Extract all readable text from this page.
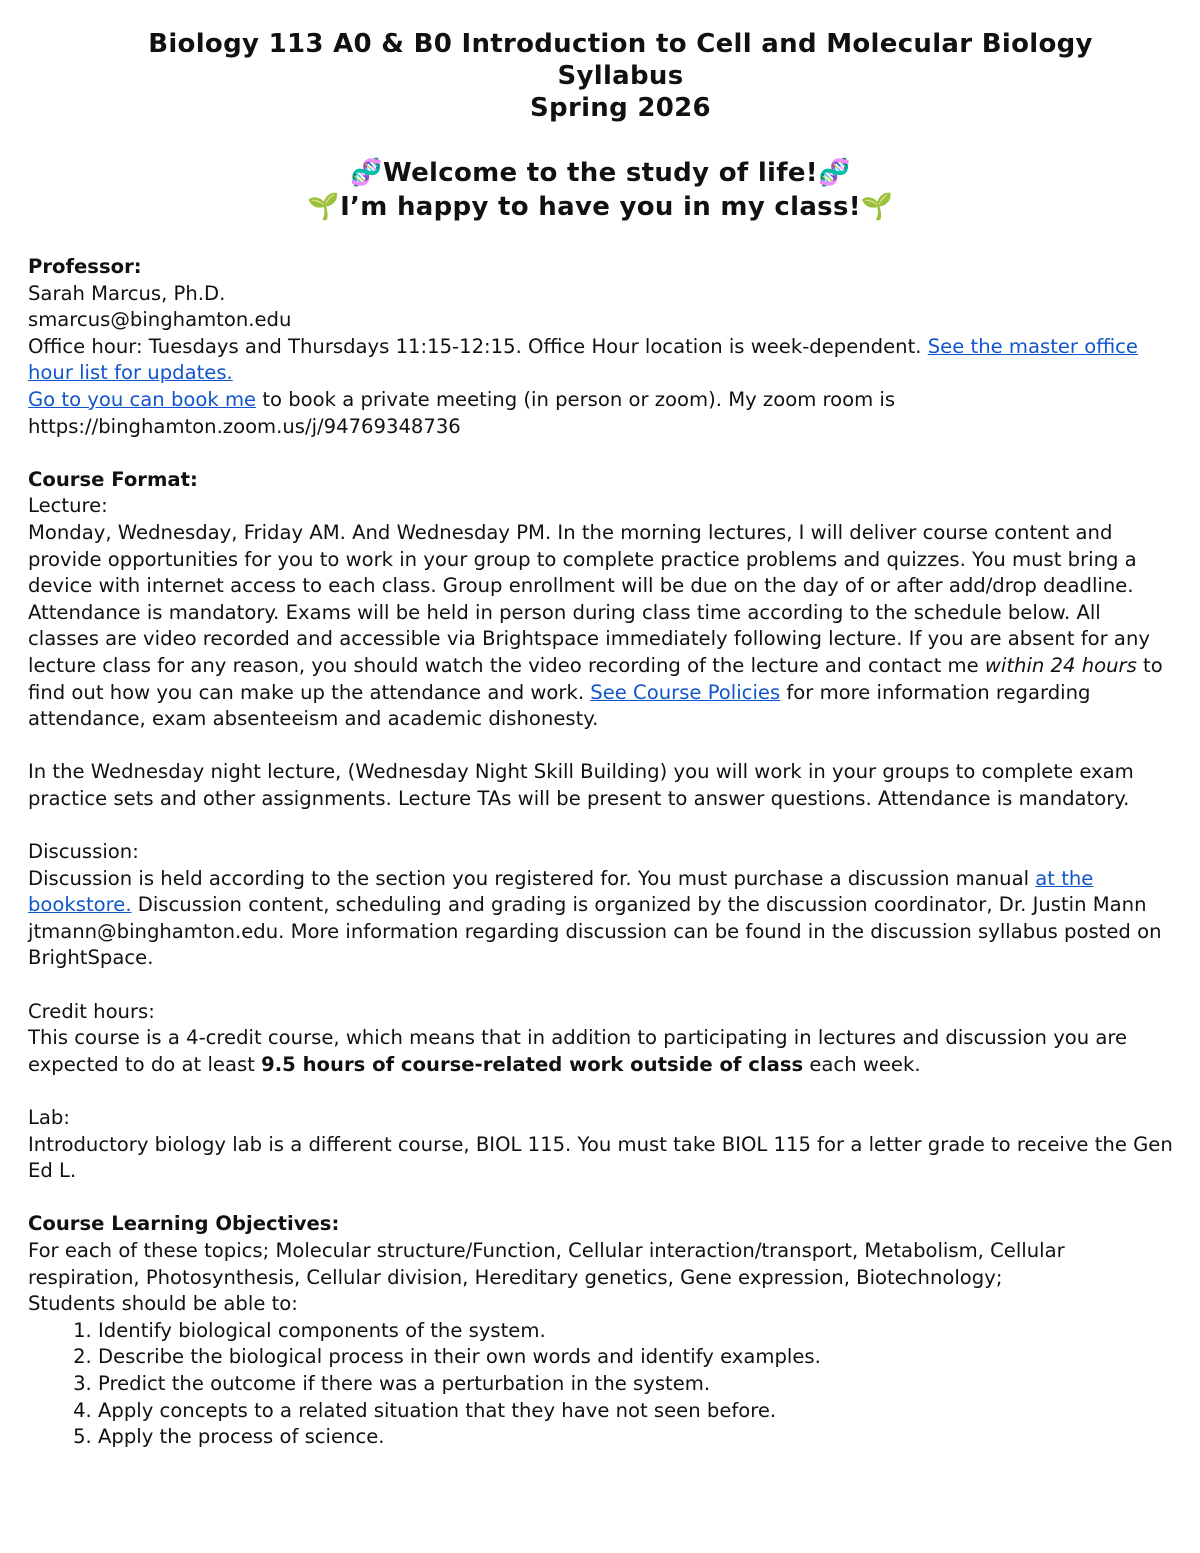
Biology 113 A0 & B0 Introduction to Cell and Molecular Biology
Syllabus
Spring 2026
🧬Welcome to the study of life!🧬
🌱I’m happy to have you in my class!🌱

Professor:

Sarah Marcus, Ph.D.

smarcus@binghamton.edu

Office hour: Tuesdays and Thursdays 11:15-12:15. Office Hour location is week-dependent. See the master office hour list for updates.

Go to you can book me to book a private meeting (in person or zoom). My zoom room is https://binghamton.zoom.us/j/94769348736

Course Format:

Lecture:

Monday, Wednesday, Friday AM. And Wednesday PM. In the morning lectures, I will deliver course content and provide opportunities for you to work in your group to complete practice problems and quizzes. You must bring a device with internet access to each class. Group enrollment will be due on the day of or after add/drop deadline. Attendance is mandatory. Exams will be held in person during class time according to the schedule below. All classes are video recorded and accessible via Brightspace immediately following lecture. If you are absent for any lecture class for any reason, you should watch the video recording of the lecture and contact me within 24 hours to find out how you can make up the attendance and work. See Course Policies for more information regarding attendance, exam absenteeism and academic dishonesty.

In the Wednesday night lecture, (Wednesday Night Skill Building) you will work in your groups to complete exam practice sets and other assignments. Lecture TAs will be present to answer questions. Attendance is mandatory.

Discussion:

Discussion is held according to the section you registered for. You must purchase a discussion manual at the bookstore. Discussion content, scheduling and grading is organized by the discussion coordinator, Dr. Justin Mann jtmann@binghamton.edu. More information regarding discussion can be found in the discussion syllabus posted on BrightSpace.

Credit hours:

This course is a 4-credit course, which means that in addition to participating in lectures and discussion you are expected to do at least 9.5 hours of course-related work outside of class each week.

Lab:

Introductory biology lab is a different course, BIOL 115. You must take BIOL 115 for a letter grade to receive the Gen Ed L.

Course Learning Objectives:

For each of these topics; Molecular structure/Function, Cellular interaction/transport, Metabolism, Cellular respiration, Photosynthesis, Cellular division, Hereditary genetics, Gene expression, Biotechnology;

Students should be able to:

1. Identify biological components of the system.
2. Describe the biological process in their own words and identify examples.
3. Predict the outcome if there was a perturbation in the system.
4. Apply concepts to a related situation that they have not seen before.
5. Apply the process of science.
